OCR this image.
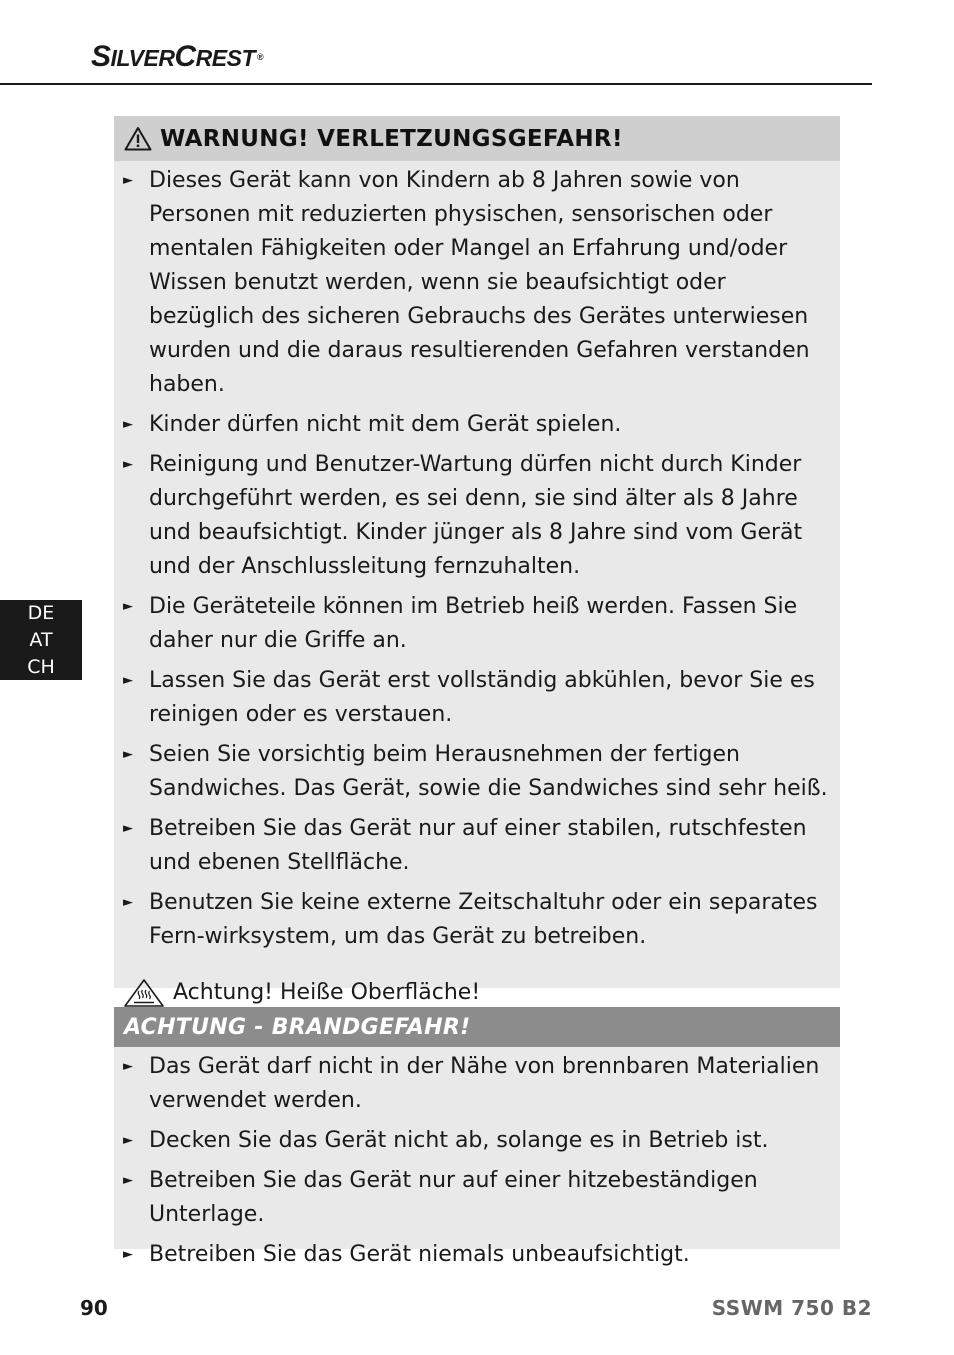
SILVERCREST ®
DE
AT
CH
WARNUNG! VERLETZUNGSGEFAHR!
► Dieses Gerät kann von Kindern ab 8 Jahren sowie von Personen mit reduzierten physischen, sensorischen oder mentalen Fähigkeiten oder Mangel an Erfahrung und/oder Wissen benutzt werden, wenn sie beaufsichtigt oder bezüglich des sicheren Gebrauchs des Gerätes unterwiesen wurden und die daraus resultierenden Gefahren verstanden haben.
► Kinder dürfen nicht mit dem Gerät spielen.
► Reinigung und Benutzer-Wartung dürfen nicht durch Kinder durchgeführt werden, es sei denn, sie sind älter als 8 Jahre und beaufsichtigt. Kinder jünger als 8 Jahre sind vom Gerät und der Anschlussleitung fernzuhalten.
► Die Geräteteile können im Betrieb heiß werden. Fassen Sie daher nur die Griffe an.
► Lassen Sie das Gerät erst vollständig abkühlen, bevor Sie es reinigen oder es verstauen.
► Seien Sie vorsichtig beim Herausnehmen der fertigen Sandwiches. Das Gerät, sowie die Sandwiches sind sehr heiß.
► Betreiben Sie das Gerät nur auf einer stabilen, rutschfesten und ebenen Stellfläche.
► Benutzen Sie keine externe Zeitschaltuhr oder ein separates Fern-wirksystem, um das Gerät zu betreiben.
Achtung! Heiße Oberfläche!
ACHTUNG - BRANDGEFAHR!
► Das Gerät darf nicht in der Nähe von brennbaren Materialien verwendet werden.
► Decken Sie das Gerät nicht ab, solange es in Betrieb ist.
► Betreiben Sie das Gerät nur auf einer hitzebeständigen Unterlage.
► Betreiben Sie das Gerät niemals unbeaufsichtigt.
90	SSWM 750 B2
